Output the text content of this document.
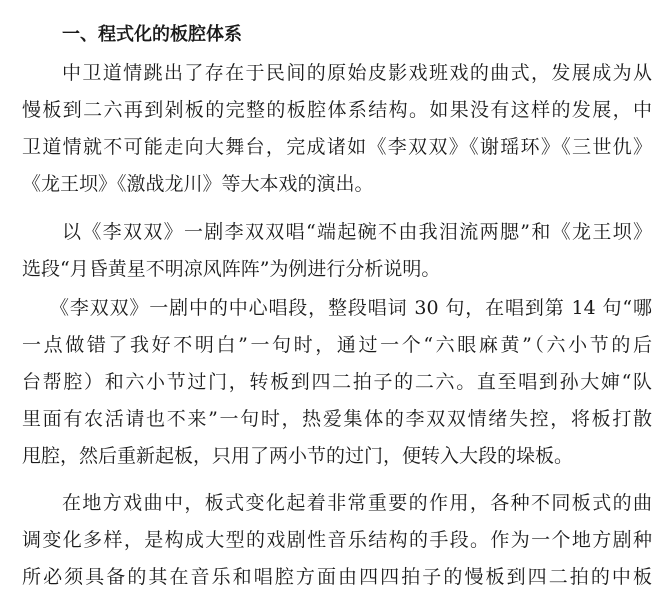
一、程式化的板腔体系
中卫道情跳出了存在于民间的原始皮影戏班戏的曲式，发展成为从
慢板到二六再到剁板的完整的板腔体系结构。如果没有这样的发展，中
卫道情就不可能走向大舞台，完成诸如《李双双》《谢瑶环》《三世仇》
《龙王坝》《激战龙川》等大本戏的演出。
以《李双双》一剧李双双唱“端起碗不由我泪流两腮”和《龙王坝》
选段“月昏黄星不明凉风阵阵”为例进行分析说明。
《李双双》一剧中的中心唱段，整段唱词 30 句，在唱到第 14 句“哪
一点做错了我好不明白”一句时，通过一个“六眼麻黄”（六小节的后
台帮腔）和六小节过门，转板到四二拍子的二六。直至唱到孙大婶“队
里面有农活请也不来”一句时，热爱集体的李双双情绪失控，将板打散
甩腔，然后重新起板，只用了两小节的过门，便转入大段的垛板。
在地方戏曲中，板式变化起着非常重要的作用，各种不同板式的曲
调变化多样，是构成大型的戏剧性音乐结构的手段。作为一个地方剧种
所必须具备的其在音乐和唱腔方面由四四拍子的慢板到四二拍的中板
